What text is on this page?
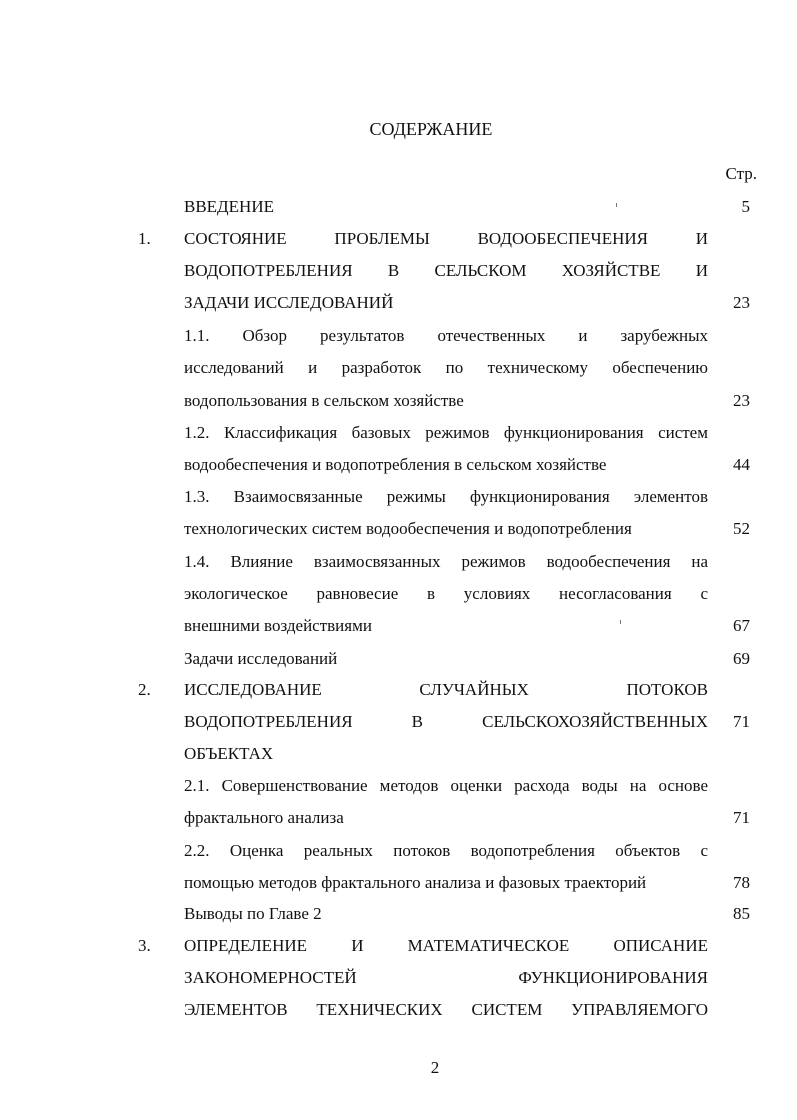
СОДЕРЖАНИЕ
Стр.
ВВЕДЕНИЕ	5
1. СОСТОЯНИЕ ПРОБЛЕМЫ ВОДООБЕСПЕЧЕНИЯ И
ВОДОПОТРЕБЛЕНИЯ В СЕЛЬСКОМ ХОЗЯЙСТВЕ И
ЗАДАЧИ ИССЛЕДОВАНИЙ	23
1.1. Обзор результатов отечественных и зарубежных
исследований и разработок по техническому обеспечению
водопользования в сельском хозяйстве	23
1.2. Классификация базовых режимов функционирования систем
водообеспечения и водопотребления в сельском хозяйстве	44
1.3. Взаимосвязанные режимы функционирования элементов
технологических систем водообеспечения и водопотребления	52
1.4. Влияние взаимосвязанных режимов водообеспечения на
экологическое равновесие в условиях несогласования с
внешними воздействиями	67
Задачи исследований	69
2. ИССЛЕДОВАНИЕ СЛУЧАЙНЫХ ПОТОКОВ
ВОДОПОТРЕБЛЕНИЯ В СЕЛЬСКОХОЗЯЙСТВЕННЫХ	71
ОБЪЕКТАХ
2.1. Совершенствование методов оценки расхода воды на основе
фрактального анализа	71
2.2. Оценка реальных потоков водопотребления объектов с
помощью методов фрактального анализа и фазовых траекторий	78
Выводы по Главе 2	85
3. ОПРЕДЕЛЕНИЕ И МАТЕМАТИЧЕСКОЕ ОПИСАНИЕ
ЗАКОНОМЕРНОСТЕЙ ФУНКЦИОНИРОВАНИЯ
ЭЛЕМЕНТОВ ТЕХНИЧЕСКИХ СИСТЕМ УПРАВЛЯЕМОГО
2
